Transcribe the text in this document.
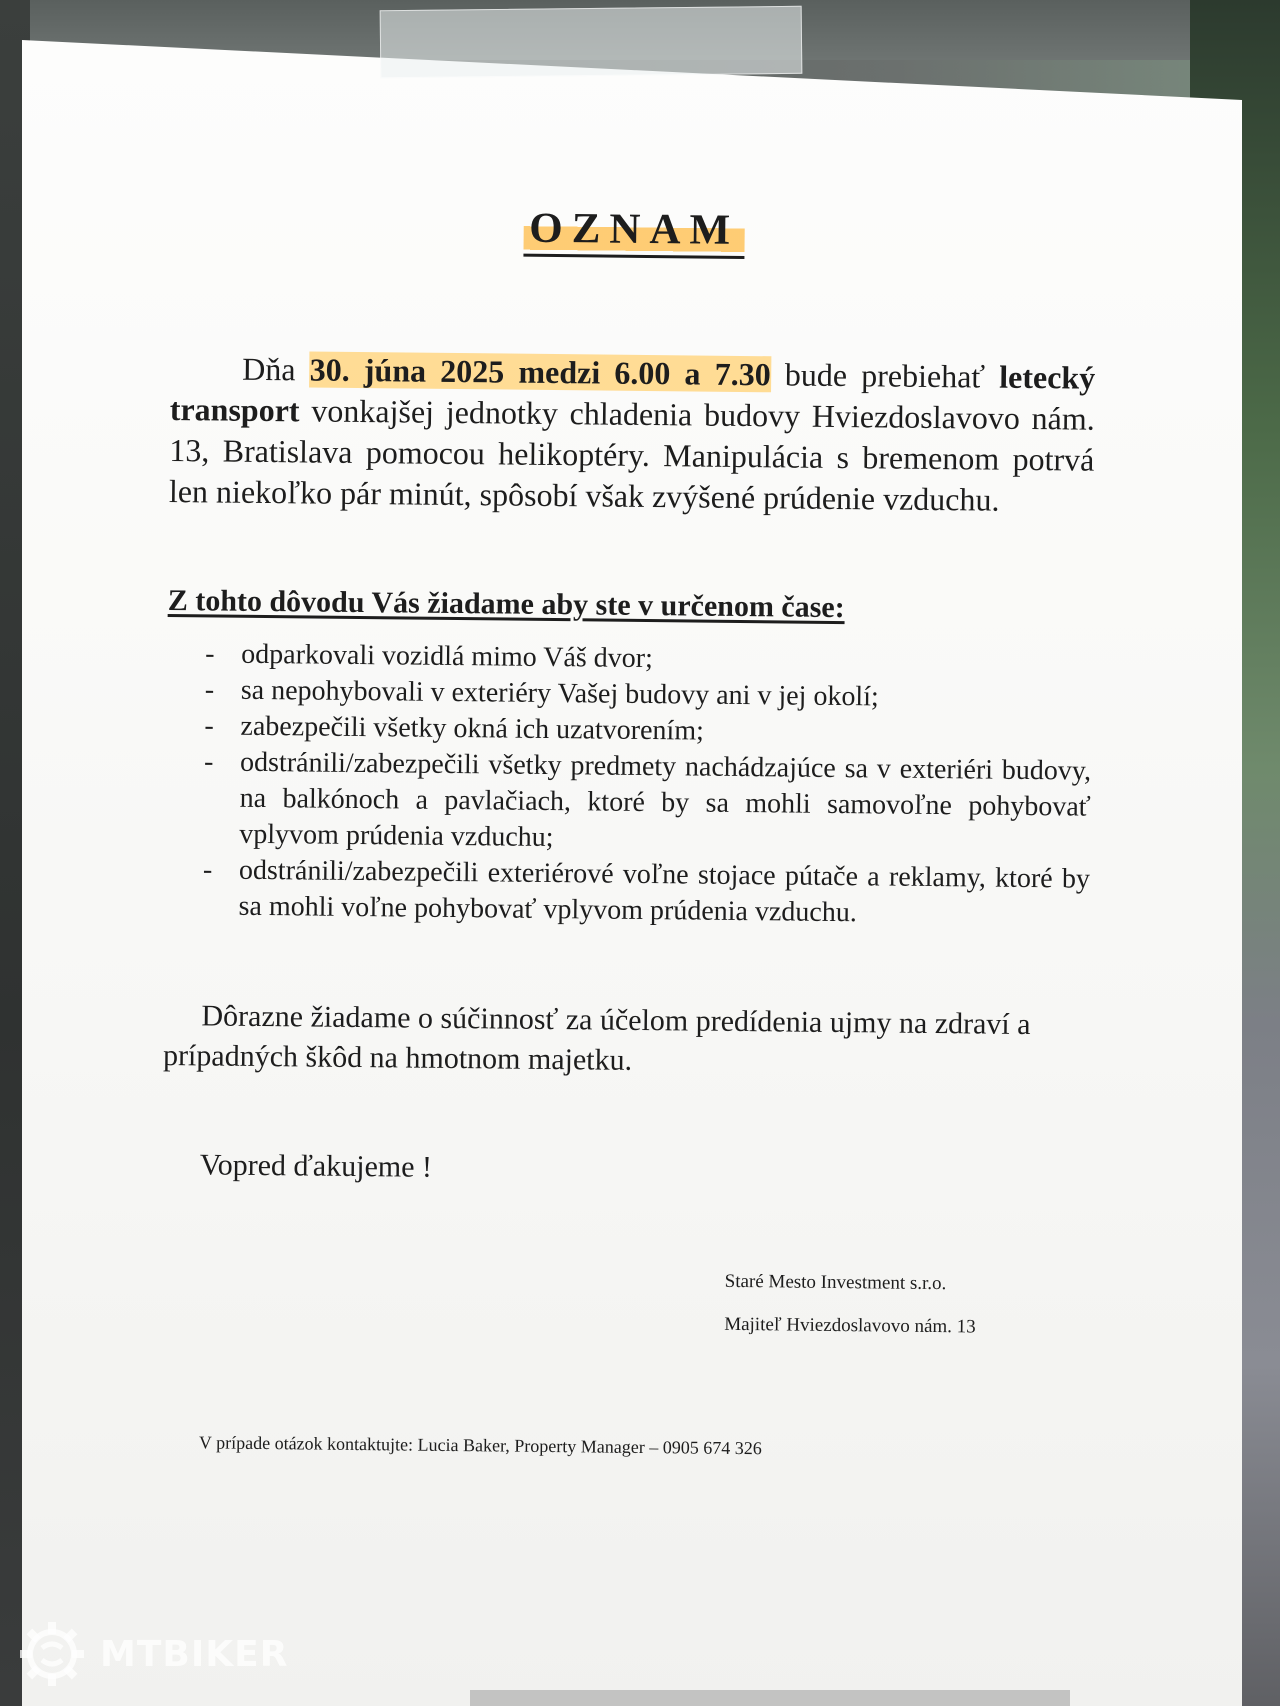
OZNAM

Dňa 30. júna 2025 medzi 6.00 a 7.30 bude prebiehať letecký transport vonkajšej jednotky chladenia budovy Hviezdoslavovo nám. 13, Bratislava pomocou helikoptéry. Manipulácia s bremenom potrvá len niekoľko pár minút, spôsobí však zvýšené prúdenie vzduchu.

Z tohto dôvodu Vás žiadame aby ste v určenom čase:
- odparkovali vozidlá mimo Váš dvor;
- sa nepohybovali v exteriéry Vašej budovy ani v jej okolí;
- zabezpečili všetky okná ich uzatvorením;
- odstránili/zabezpečili všetky predmety nachádzajúce sa v exteriéri budovy, na balkónoch a pavlačiach, ktoré by sa mohli samovoľne pohybovať vplyvom prúdenia vzduchu;
- odstránili/zabezpečili exteriérové voľne stojace pútače a reklamy, ktoré by sa mohli voľne pohybovať vplyvom prúdenia vzduchu.

Dôrazne žiadame o súčinnosť za účelom predídenia ujmy na zdraví a prípadných škôd na hmotnom majetku.

Vopred ďakujeme !
Staré Mesto Investment s.r.o.
Majiteľ Hviezdoslavovo nám. 13
V prípade otázok kontaktujte: Lucia Baker, Property Manager – 0905 674 326
MTBIKER
